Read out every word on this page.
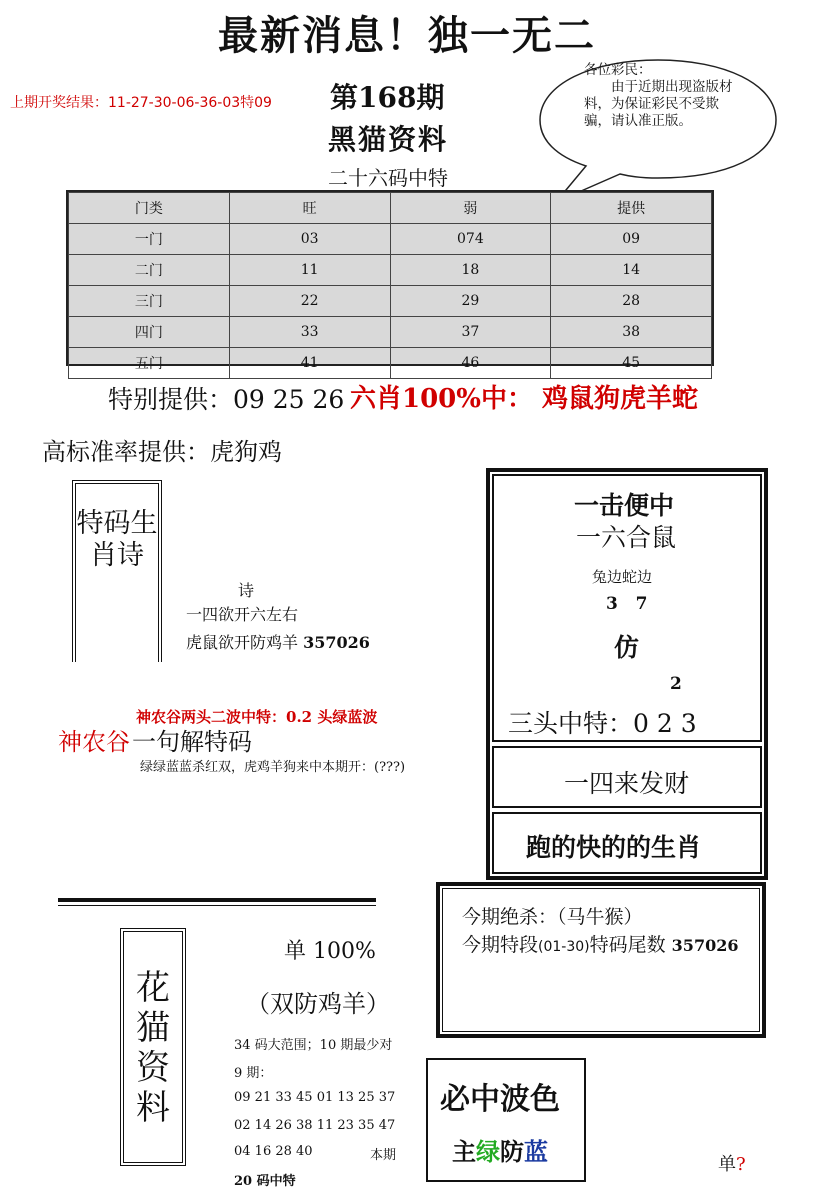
最新消息！独一无二
上期开奖结果：11-27-30-06-36-03特09 第168期
黑猫资料
二十六码中特
各位彩民：
由于近期出现盗版材料，为保证彩民不受欺骗，请认准正版。
门类	旺	弱	提供
一门	03	074	09
二门	11	18	14
三门	22	29	28
四门	33	37	38
五门	41	46	45
特别提供：09 25 26 六肖100%中： 鸡鼠狗虎羊蛇
高标准率提供：虎狗鸡
特码生肖诗
诗
一四欲开六左右
虎鼠欲开防鸡羊 357026
神农谷两头二波中特：0.2 头绿蓝波
神农谷 一句解特码
绿绿蓝蓝杀红双，虎鸡羊狗来中本期开：(???)
一击便中
一六合鼠
兔边蛇边
3   7
仿
2
三头中特：0 2 3
一四来发财
跑的快的的生肖
今期绝杀：（马牛猴）
今期特段(01-30)特码尾数 357026
花猫资料
单 100%
（双防鸡羊）
34 码大范围；10 期最少对
9 期：
09 21 33 45 01 13 25 37
02 14 26 38 11 23 35 47
04 16 28 40	本期
20 码中特
必中波色
主绿防蓝	单?
